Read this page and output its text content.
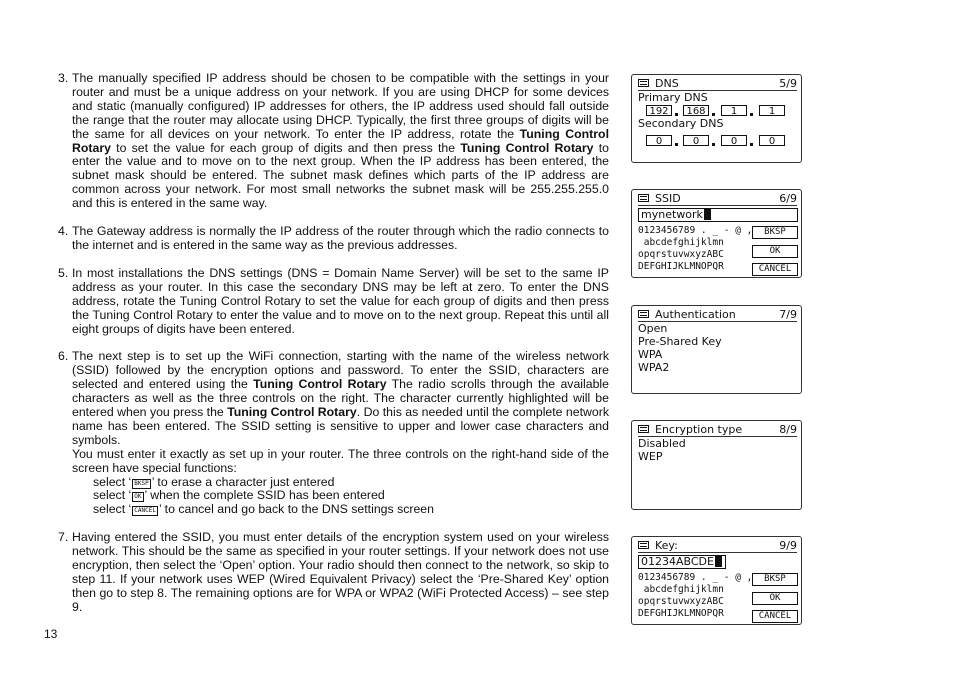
3. The manually specified IP address should be chosen to be compatible with the settings in your router and must be a unique address on your network. If you are using DHCP for some devices and static (manually configured) IP addresses for others, the IP address used should fall outside the range that the router may allocate using DHCP. Typically, the first three groups of digits will be the same for all devices on your network. To enter the IP address, rotate the Tuning Control Rotary to set the value for each group of digits and then press the Tuning Control Rotary to enter the value and to move on to the next group. When the IP address has been entered, the subnet mask should be entered. The subnet mask defines which parts of the IP address are common across your network. For most small networks the subnet mask will be 255.255.255.0 and this is entered in the same way.

4. The Gateway address is normally the IP address of the router through which the radio connects to the internet and is entered in the same way as the previous addresses.

5. In most installations the DNS settings (DNS = Domain Name Server) will be set to the same IP address as your router. In this case the secondary DNS may be left at zero. To enter the DNS address, rotate the Tuning Control Rotary to set the value for each group of digits and then press the Tuning Control Rotary to enter the value and to move on to the next group. Repeat this until all eight groups of digits have been entered.

6. The next step is to set up the WiFi connection, starting with the name of the wireless network (SSID) followed by the encryption options and password. To enter the SSID, characters are selected and entered using the Tuning Control Rotary The radio scrolls through the available characters as well as the three controls on the right. The character currently highlighted will be entered when you press the Tuning Control Rotary. Do this as needed until the complete network name has been entered. The SSID setting is sensitive to upper and lower case characters and symbols.

You must enter it exactly as set up in your router. The three controls on the right-hand side of the screen have special functions:

select ‘ BKSP ’ to erase a character just entered

select ‘ OK ’ when the complete SSID has been entered

select ‘ CANCEL ’ to cancel and go back to the DNS settings screen

7. Having entered the SSID, you must enter details of the encryption system used on your wireless network. This should be the same as specified in your router settings. If your network does not use encryption, then select the ‘Open’ option. Your radio should then connect to the network, so skip to step 11. If your network uses WEP (Wired Equivalent Privacy) select the ‘Pre-Shared Key’ option then go to step 8. The remaining options are for WPA or WPA2 (WiFi Protected Access) – see step 9.

13
DNS	5/9
Primary DNS
192	168	1	1
Secondary DNS
0	0	0	0
SSID	6/9
mynetwork
0123456789 . _ - @ ,
abcdefghijklmn
opqrstuvwxyzABC
DEFGHIJKLMNOPQR
BKSP
OK
CANCEL
Authentication	7/9
Open
Pre-Shared Key
WPA
WPA2
Encryption type	8/9
Disabled
WEP
Key:	9/9
01234ABCDE
0123456789 . _ - @ ,
abcdefghijklmn
opqrstuvwxyzABC
DEFGHIJKLMNOPQR
BKSP
OK
CANCEL
